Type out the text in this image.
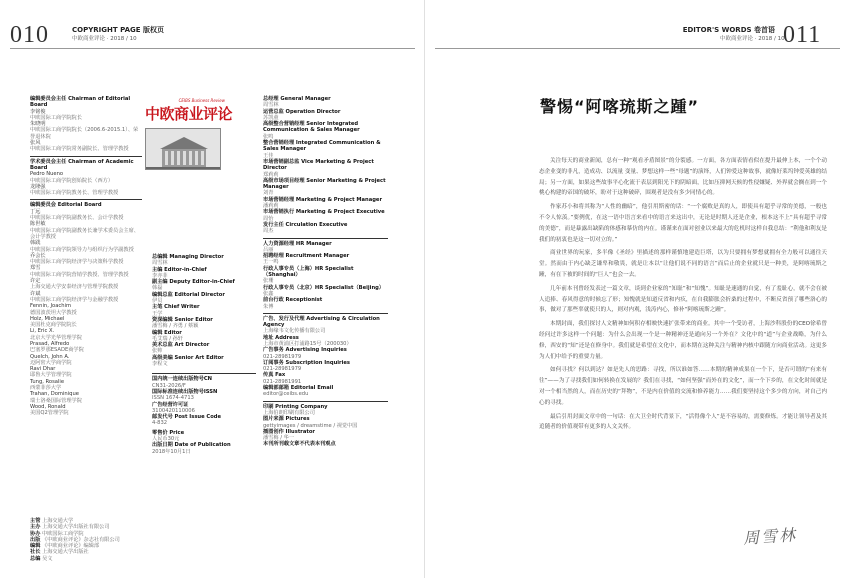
010	COPYRIGHT PAGE 版权页
中欧商业评论 · 2018 / 10
编辑委员会主任 Chairman of Editorial Board
李铭俊
中欧国际工商学院院长
朱晓明
中欧国际工商学院院长（2006.6-2015.1）、荣誉退休院
张风
中欧国际工商学院常务副院长、管理学教授
学术委员会主任 Chairman of Academic Board
Pedro Nueno
中欧国际工商学院创始院长（西方）
龙隆强
中欧国际工商学院教务长、管理学教授
编辑委员会 Editorial Board
丁远
中欧国际工商学院副教务长、会计学教授
陈世敏
中欧国际工商学院副教务长兼学术委员会主席、会计学教授
韩践
中欧国际工商学院领导力与组织行为学副教授
乔会长
中欧国际工商学院经济学与决策科学教授
郑雪
中欧国际工商学院营销学教授、管理学教授
许定
上海交通大学安泰经济与管理学院教授
许斌
中欧国际工商学院经济学与金融学教授
Fennin, Joachim
德国波茨坦大学教授
Holz, Michael
美国杜克商学院院长
Li, Eric X.
北京大学光华管理学院
Prasad, Alfredo
巴塞罗那ESADE商学院
Quelch, John A.
迈阿密大学商学院
Ravi Dhar
耶鲁大学管理学院
Tung, Rosalie
西蒙菲莎大学
Trahan, Dominique
瑞士洛桑国际管理学院
Wood, Ronald
美国Q2管理学院
主管 上海交通大学
主办 上海交通大学出版社有限公司
协办 中欧国际工商学院
出版 《中欧商业评论》杂志社有限公司
编辑 《中欧商业评论》编辑部
社长 上海交通大学出版社
总编 吴文
CEIBS Business Review
中欧商业评论
总编辑 Managing Director
周雪林
主编 Editor-in-Chief
李亦菲
副主编 Deputy Editor-in-Chief
韩磊
编辑总监 Editorial Director
伊员
主笔 Chief Writer
王学
资深编辑 Senior Editor
潘雪梅 / 齐勇 / 蔡颖
编辑 Editor
毛艾瑞 / 孙轩
美术总监 Art Director
张帅
高级美编 Senior Art Editor
李程文
国内统一连续出版物号CN
CN31-2026/F
国际标准连续出版物号ISSN
ISSN 1674-4713
广告经营许可证
3100420110006
邮发代号 Post Issue Code
4-832
零售价 Price
人民币30元
出版日期 Date of Publication
2018年10月1日
总经理 General Manager
周雪林
运营总监 Operation Director
苏凯童
高级整合营销经理 Senior Integrated Communication & Sales Manager
张鸣
整合营销经理 Integrated Communication & Sales Manager
王佳
市场营销副总监 Vice Marketing & Project Director
郑莉莉
高级市场项目经理 Senior Marketing & Project Manager
刘青
市场营销经理 Marketing & Project Manager
潘莉莉
市场营销执行 Marketing & Project Executive
周怡
发行主任 Circulation Executive
周杰
人力资源经理 HR Manager
吕丽
招聘经理 Recruitment Manager
王一鸣
行政人事专员（上海）HR Specialist（Shanghai）
张珊
行政人事专员（北京）HR Specialist（Beijing）
张鑫
前台行政 Receptionist
朱博
广告、发行及代理 Advertising & Circulation Agency
上海缘韦文化传播有限公司
地址 Address
上海市黄浦区打浦路15号（200030）
广告事务 Advertising Inquiries
021-28981979
订阅事务 Subscription Inquiries
021-28981979
传真 Fax
021-28981991
编辑部邮箱 Editorial Email
editor@ceibs.edu
印刷 Printing Company
上海伯朗印刷有限公司
图片来源 Pictures
gettyimages / dreamstime / 视觉中国
插图创作 Illustrator
潘雪梅 / 华一
本刊所刊载文章不代表本刊观点
EDITOR'S WORDS 卷首语
中欧商业评论 · 2018 / 10
011
警惕“阿喀琉斯之踵”

关注每天的商业新闻，总有一种“观看矛盾图景”的分裂感。一方面，各方面表情看似在提升最伸上本，一个个动态企业变的非凡，造成功、以流量 变量、梦想这样一些“母题”的演绎，人们钟爱这种故事，就像好莱坞钟爱英雄的结局；另一方面，如果这些故事平心化流于表层到阳光下的阴暗面，比如压抑网天候的性侵嫌疑、外界就会搁在到一个桃心构建的帝国的破坏，盼对于这种破碎，围观者是没有多少同情心的。

作家苏小和将其称为“人性的幽暗”，他引用斯密的话：“一个腐败是真的人，即使具有超乎寻常的美德，一般也不令人惊羡。”要例优，在这一语中语言来看中的语言来这出中，无论是时期人还是企业，根本这不上“具有超乎寻常的美德”，而是暴露出缺陷的体感和摹仿的内在。谨谨来在面对创业以来最大的危机时这样自我总结：“利他和利友是我们的初衷也是这一切对立的。”

商业世界的玩家，多半像《圣经》里描述的那样谨慎地建造巨塔，以为只要拥有梦想就拥有全力般可以通往天堂。然而由于内心缺乏谦卑和敬畏，就是让本以“让他们说不同的语言”而后止的企业就只是一种美，是阿喀琉斯之踵，有在下被的时间的“巨人”也会一去。

几年前本刊曾经发表过一篇文章，谈到企业家的“知耻”和“知愧”。知耻是速通的自觉，有了羞耻心，就不会在被人追捧、春风得意的时候忘了形；知愧就是知道反省和内疚，在自我膨胀会折桑的过程中，不断反省预了哪些洛心的事，做对了那些辜就使只的人，则对内观，浅涛内心，修补“阿喀琉斯之踵”。

本期封面，我们探讨人文精神如何积存相映快速扩张带来的商业。其中一个受访者，上海沙科股份的CEO徐希曾经问过许多这样一个问题：为什么会出现一个是一种精神还是通向另一个外在？文化中的“道”与企业战略，为什么修，西安的“知”还是在修身中。我们就是希望在文化中，而本期在这种关注与精神内核中跟随方向商业活动。这更多为人们中给予的重要力量。

如何寻找？何以到达？如是先人的思路：寻找，所以谁如答……本期的精神成果在一个下，是否可谓的“有来有往”——为了寻找我们如何转换在发展的？我们在寻找，“如何坚强”而外在的文化”，而一个下乡的，在文化时间就是对一个相当然的人，而在历史的“拜物”，不是内在价值的交流和修养能力……我们要坚持这个多少的方向，对自己内心的寻找。

最后引用封面文章中的一句话：在大卫全时代背景下，“活得像个人”是不容易的，需要修炼。才能让领导者及其追随者的价值观带有更多的人文关怀。

周雪林
